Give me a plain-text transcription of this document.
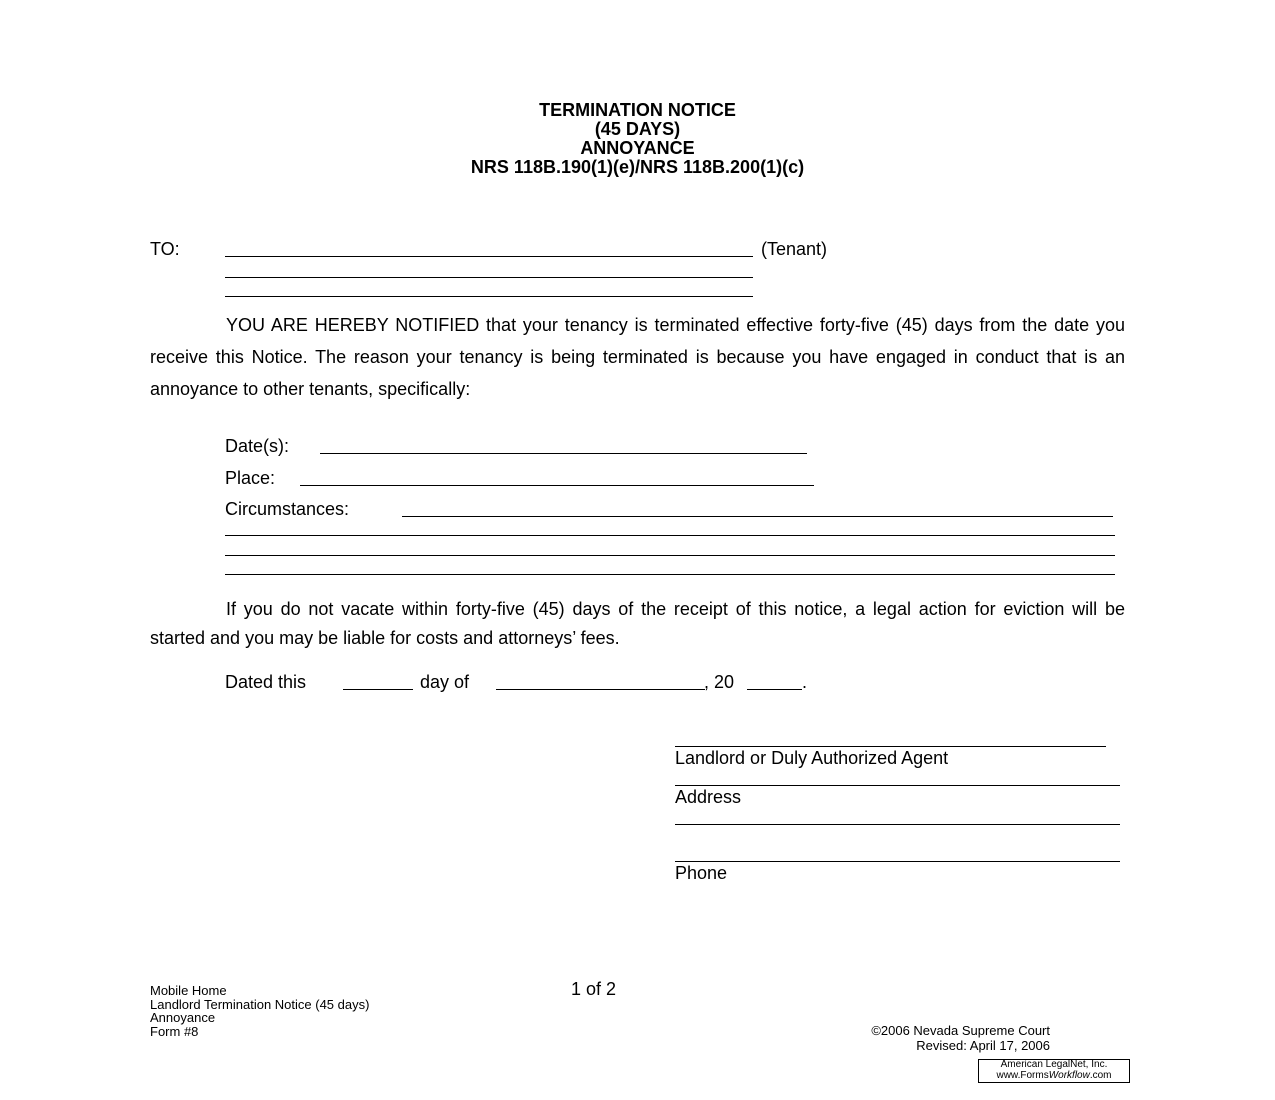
TERMINATION NOTICE
(45 DAYS)
ANNOYANCE
NRS 118B.190(1)(e)/NRS 118B.200(1)(c)
TO:	(Tenant)
YOU ARE HEREBY NOTIFIED that your tenancy is terminated effective forty-five (45) days from the date you receive this Notice. The reason your tenancy is being terminated is because you have engaged in conduct that is an annoyance to other tenants, specifically:
Date(s):
Place:
Circumstances:
If you do not vacate within forty-five (45) days of the receipt of this notice, a legal action for eviction will be started and you may be liable for costs and attorneys’ fees.
Dated this	day of	, 20	.
Landlord or Duly Authorized Agent
Address
Phone
Mobile Home
Landlord Termination Notice (45 days)
Annoyance
Form #8
1 of 2
©2006 Nevada Supreme Court
Revised: April 17, 2006
American LegalNet, Inc.
www.FormsWorkflow.com
